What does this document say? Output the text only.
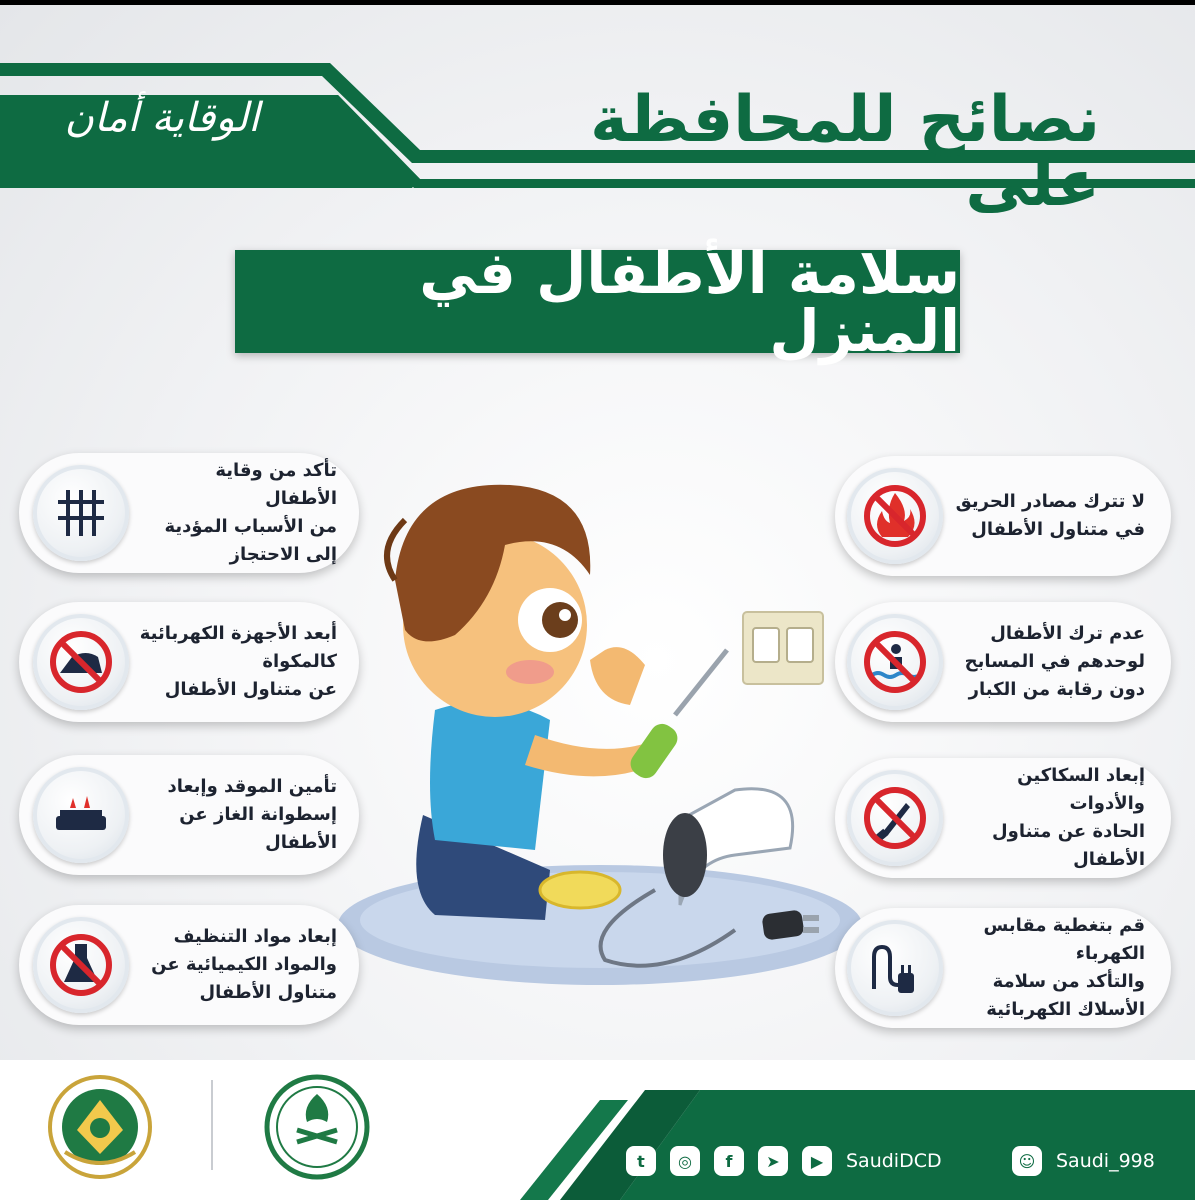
الوقاية أمان	نصائح للمحافظة على
سلامة الأطفال في المنزل
تأكد من وقاية الأطفال
من الأسباب المؤدية
إلى الاحتجاز
أبعد الأجهزة الكهربائية
كالمكواة
عن متناول الأطفال
تأمين الموقد وإبعاد
إسطوانة الغاز عن الأطفال
إبعاد مواد التنظيف
والمواد الكيميائية عن
متناول الأطفال
لا تترك مصادر الحريق
في متناول الأطفال
عدم ترك الأطفال
لوحدهم في المسابح
دون رقابة من الكبار
إبعاد السكاكين والأدوات
الحادة عن متناول الأطفال
قم بتغطية مقابس الكهرباء
والتأكد من سلامة
الأسلاك الكهربائية
t	◎	f	➤	▶	SaudiDCD	☺	Saudi_998
